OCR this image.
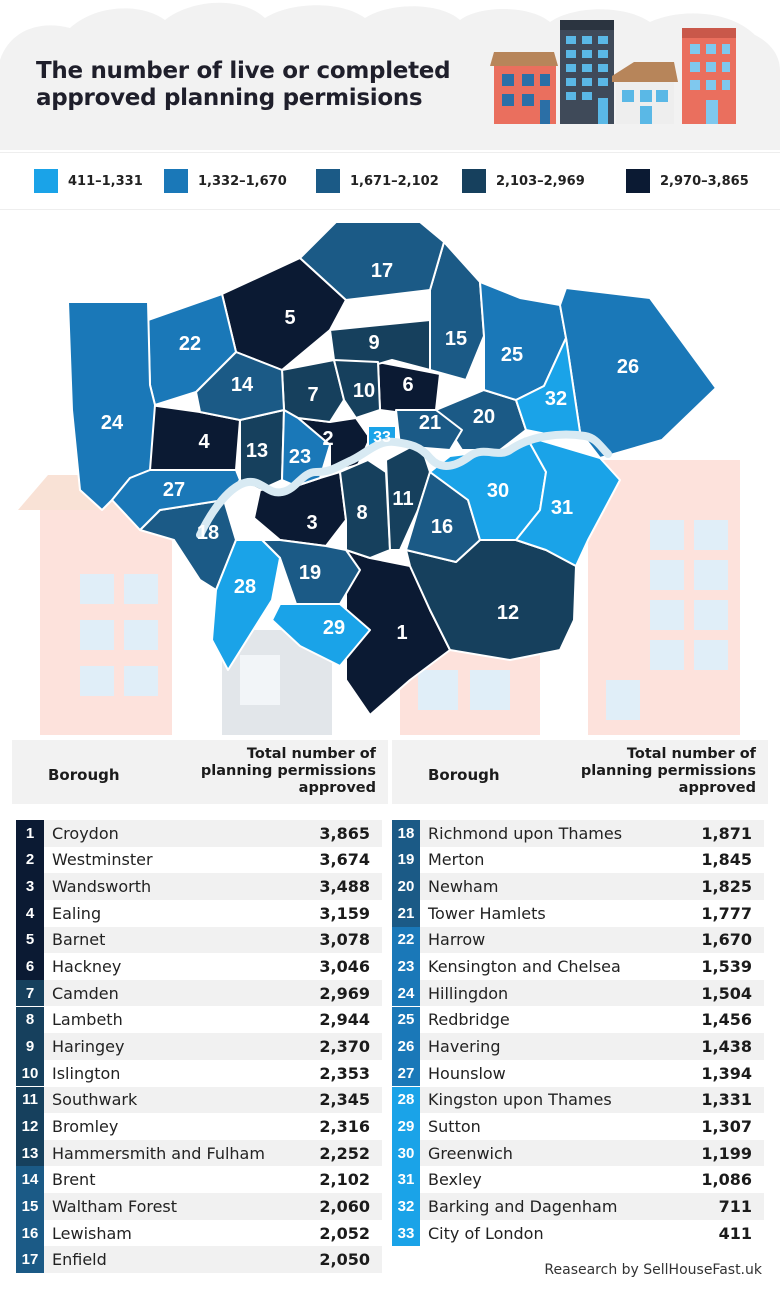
The number of live or completed
approved planning permisions
411–1,331	1,332–1,670	1,671–2,102	2,103–2,969	2,970–3,865
1
2
3
4
5
6
7
8
9
10
11
12
13
14
15
16
17
18
19
20
21
22
23
24
25
26
27
28
29
30
31
32
33
Borough
Total number of
planning permissions
approved
Borough
Total number of
planning permissions
approved
1	Croydon	3,865
2	Westminster	3,674
3	Wandsworth	3,488
4	Ealing	3,159
5	Barnet	3,078
6	Hackney	3,046
7	Camden	2,969
8	Lambeth	2,944
9	Haringey	2,370
10 Islington	2,353
11 Southwark	2,345
12 Bromley	2,316
13 Hammersmith and Fulham	2,252
14 Brent	2,102
15 Waltham Forest	2,060
16 Lewisham	2,052
17 Enfield	2,050
18 Richmond upon Thames	1,871
19 Merton	1,845
20 Newham	1,825
21 Tower Hamlets	1,777
22 Harrow	1,670
23 Kensington and Chelsea	1,539
24 Hillingdon	1,504
25 Redbridge	1,456
26 Havering	1,438
27 Hounslow	1,394
28 Kingston upon Thames	1,331
29 Sutton	1,307
30 Greenwich	1,199
31 Bexley	1,086
32 Barking and Dagenham	711
33 City of London	411
Reasearch by SellHouseFast.uk
